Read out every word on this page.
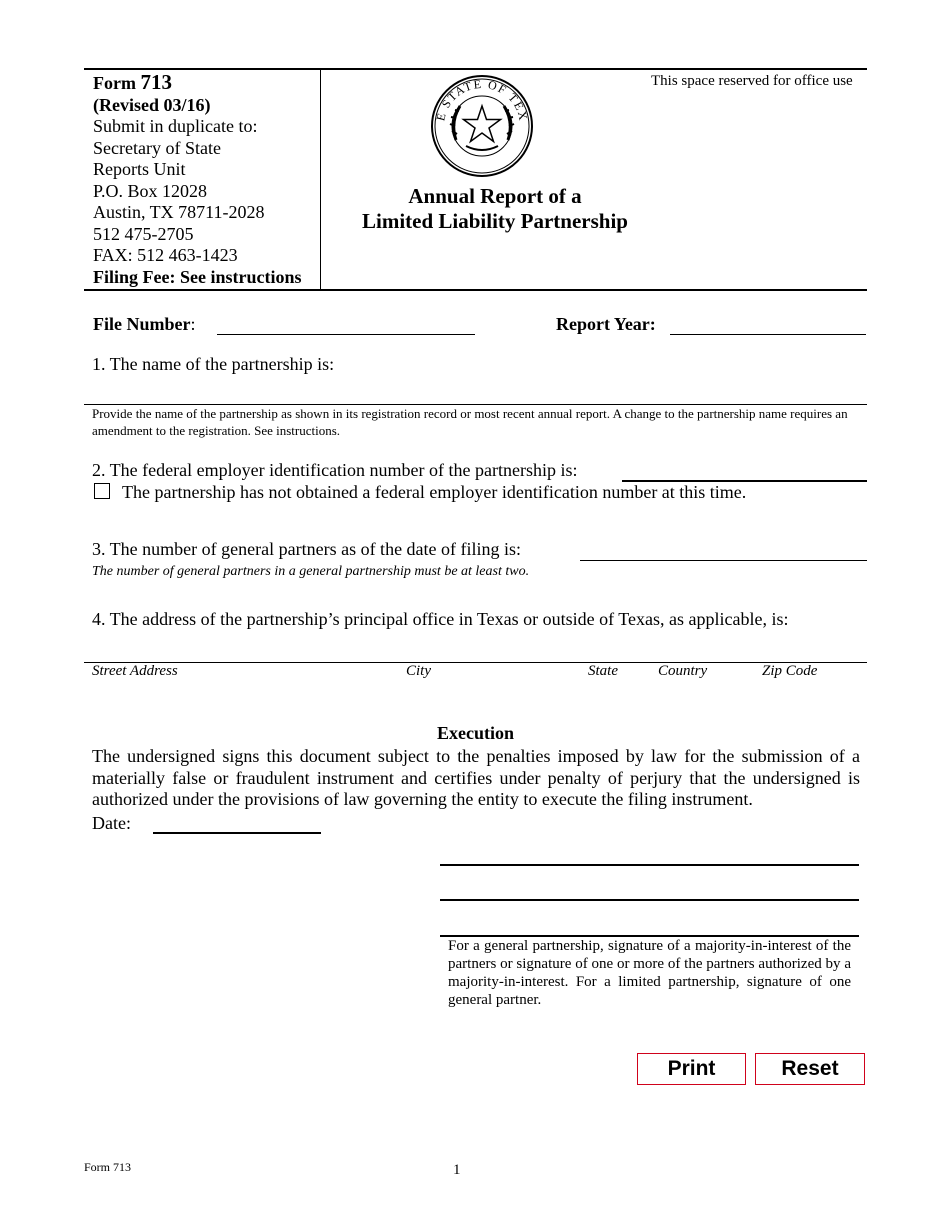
Form 713
(Revised 03/16)
Submit in duplicate to:
Secretary of State
Reports Unit
P.O. Box 12028
Austin, TX 78711-2028
512 475-2705
FAX: 512 463-1423
Filing Fee: See instructions
E STATE OF TEX
Annual Report of a
Limited Liability Partnership
This space reserved for office use
File Number:	Report Year:
1. The name of the partnership is:
Provide the name of the partnership as shown in its registration record or most recent annual report. A change to the partnership name requires an amendment to the registration. See instructions.
2. The federal employer identification number of the partnership is:
The partnership has not obtained a federal employer identification number at this time.
3. The number of general partners as of the date of filing is:
The number of general partners in a general partnership must be at least two.
4. The address of the partnership’s principal office in Texas or outside of Texas, as applicable, is:
Street Address	City	State	Country	Zip Code
Execution
The undersigned signs this document subject to the penalties imposed by law for the submission of a materially false or fraudulent instrument and certifies under penalty of perjury that the undersigned is authorized under the provisions of law governing the entity to execute the filing instrument.
Date:
For a general partnership, signature of a majority-in-interest of the partners or signature of one or more of the partners authorized by a majority-in-interest. For a limited partnership, signature of one general partner.
Print	Reset
Form 713	1
